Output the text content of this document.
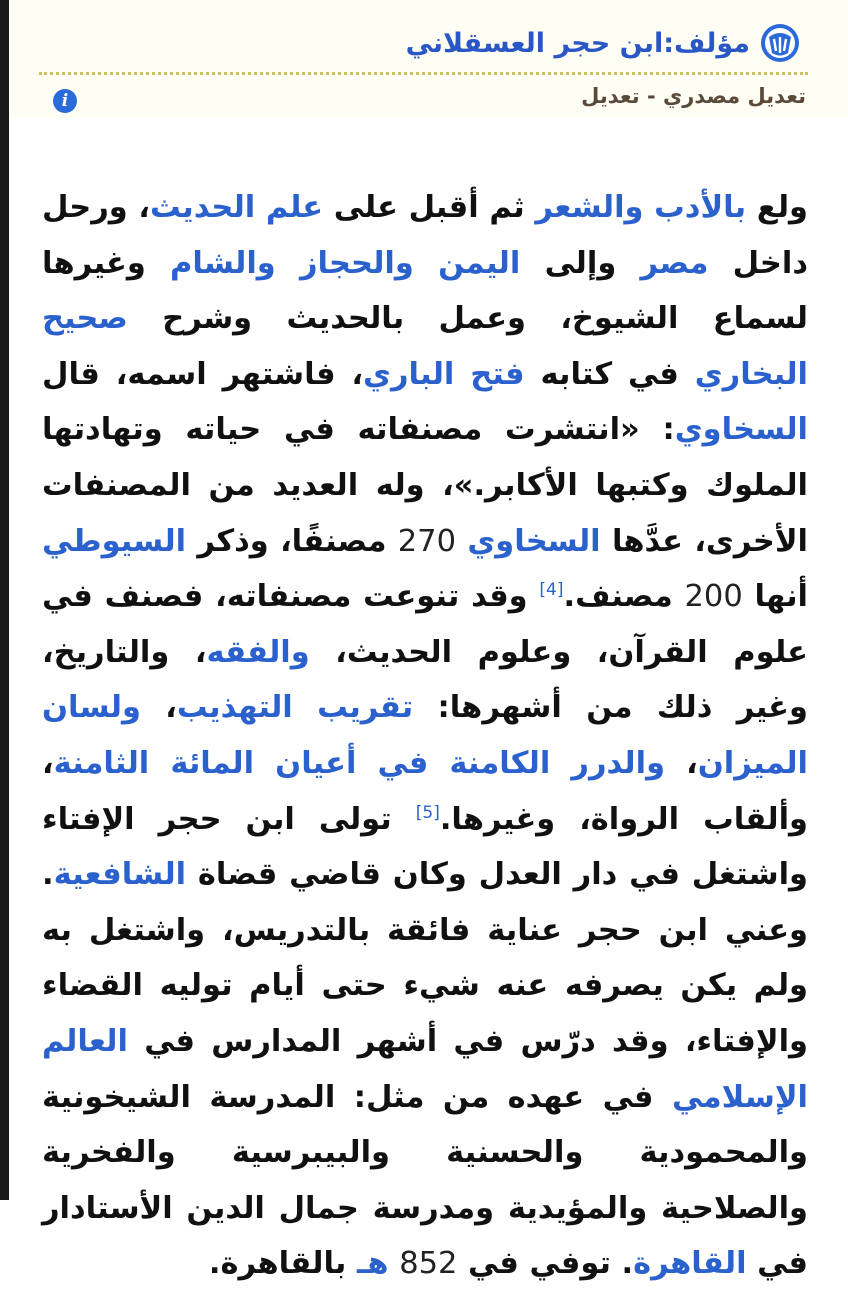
مؤلف:ابن حجر العسقلاني
تعديل مصدري - تعديل
i
ولع بالأدب والشعر ثم أقبل على علم الحديث، ورحل داخل مصر وإلى اليمن والحجاز والشام وغيرها لسماع الشيوخ، وعمل بالحديث وشرح صحيح البخاري في كتابه فتح الباري، فاشتهر اسمه، قال السخاوي: «انتشرت مصنفاته في حياته وتهادتها الملوك وكتبها الأكابر.»، وله العديد من المصنفات الأخرى، عدَّها السخاوي 270 مصنفًا، وذكر السيوطي أنها 200 مصنف.[4] وقد تنوعت مصنفاته، فصنف في علوم القرآن، وعلوم الحديث، والفقه، والتاريخ، وغير ذلك من أشهرها: تقريب التهذيب، ولسان الميزان، والدرر الكامنة في أعيان المائة الثامنة، وألقاب الرواة، وغيرها.[5] تولى ابن حجر الإفتاء واشتغل في دار العدل وكان قاضي قضاة الشافعية. وعني ابن حجر عناية فائقة بالتدريس، واشتغل به ولم يكن يصرفه عنه شيء حتى أيام توليه القضاء والإفتاء، وقد درّس في أشهر المدارس في العالم الإسلامي في عهده من مثل: المدرسة الشيخونية والمحمودية والحسنية والبيبرسية والفخرية والصلاحية والمؤيدية ومدرسة جمال الدين الأستادار في القاهرة. توفي في 852 هـ بالقاهرة.
